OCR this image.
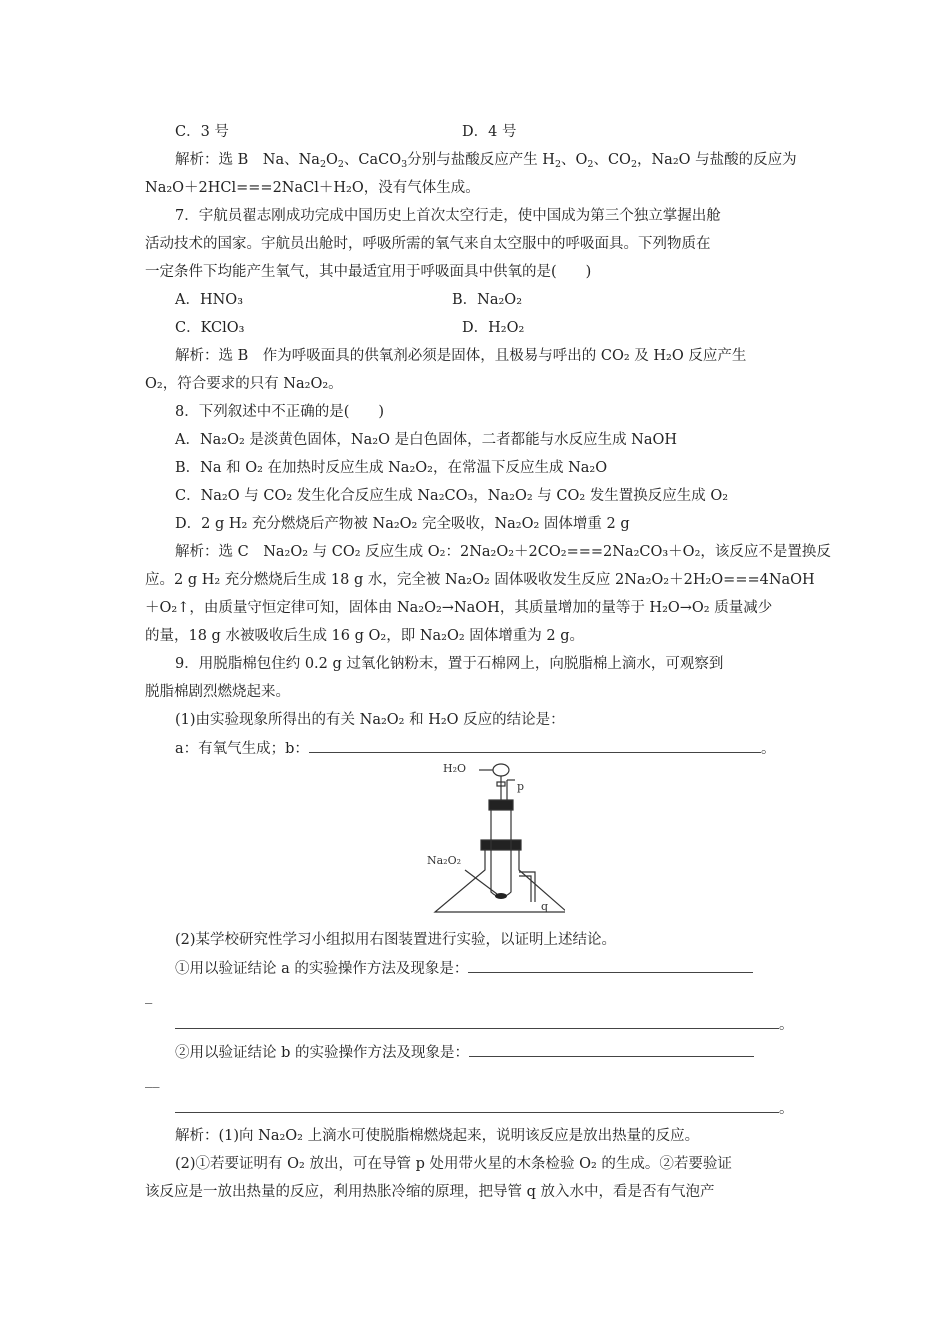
C．3 号	D．4 号
解析：选 B　Na、$Na_2O_2$、CaCO$_3$分别与盐酸反应产生 $H_2$、$O_2$、$CO_2$，Na₂O 与盐酸的反应为
Na₂O＋2HCl===2NaCl＋H₂O，没有气体生成。
7．宇航员翟志刚成功完成中国历史上首次太空行走，使中国成为第三个独立掌握出舱
活动技术的国家。宇航员出舱时，呼吸所需的氧气来自太空服中的呼吸面具。下列物质在
一定条件下均能产生氧气，其中最适宜用于呼吸面具中供氧的是(　　)
A．HNO₃	B．Na₂O₂
C．KClO₃	D．H₂O₂
解析：选 B　作为呼吸面具的供氧剂必须是固体，且极易与呼出的 CO₂ 及 H₂O 反应产生
O₂，符合要求的只有 Na₂O₂。
8．下列叙述中不正确的是(　　)
A．Na₂O₂ 是淡黄色固体，Na₂O 是白色固体，二者都能与水反应生成 NaOH
B．Na 和 O₂ 在加热时反应生成 Na₂O₂，在常温下反应生成 Na₂O
C．Na₂O 与 CO₂ 发生化合反应生成 Na₂CO₃，Na₂O₂ 与 CO₂ 发生置换反应生成 O₂
D．2 g H₂ 充分燃烧后产物被 Na₂O₂ 完全吸收，Na₂O₂ 固体增重 2 g
解析：选 C　Na₂O₂ 与 CO₂ 反应生成 O₂：2Na₂O₂＋2CO₂===2Na₂CO₃＋O₂，该反应不是置换反
应。2 g H₂ 充分燃烧后生成 18 g 水，完全被 Na₂O₂ 固体吸收发生反应 2Na₂O₂＋2H₂O===4NaOH
＋O₂↑，由质量守恒定律可知，固体由 Na₂O₂→NaOH，其质量增加的量等于 H₂O→O₂ 质量减少
的量，18 g 水被吸收后生成 16 g O₂，即 Na₂O₂ 固体增重为 2 g。
9．用脱脂棉包住约 0.2 g 过氧化钠粉末，置于石棉网上，向脱脂棉上滴水，可观察到
脱脂棉剧烈燃烧起来。
(1)由实验现象所得出的有关 Na₂O₂ 和 H₂O 反应的结论是：
a：有氧气生成；b：	。
H₂O
p
Na₂O₂
q
(2)某学校研究性学习小组拟用右图装置进行实验，以证明上述结论。
①用以验证结论 a 的实验操作方法及现象是：
_
。
②用以验证结论 b 的实验操作方法及现象是：
__
。
解析：(1)向 Na₂O₂ 上滴水可使脱脂棉燃烧起来，说明该反应是放出热量的反应。
(2)①若要证明有 O₂ 放出，可在导管 p 处用带火星的木条检验 O₂ 的生成。②若要验证
该反应是一放出热量的反应，利用热胀冷缩的原理，把导管 q 放入水中，看是否有气泡产
